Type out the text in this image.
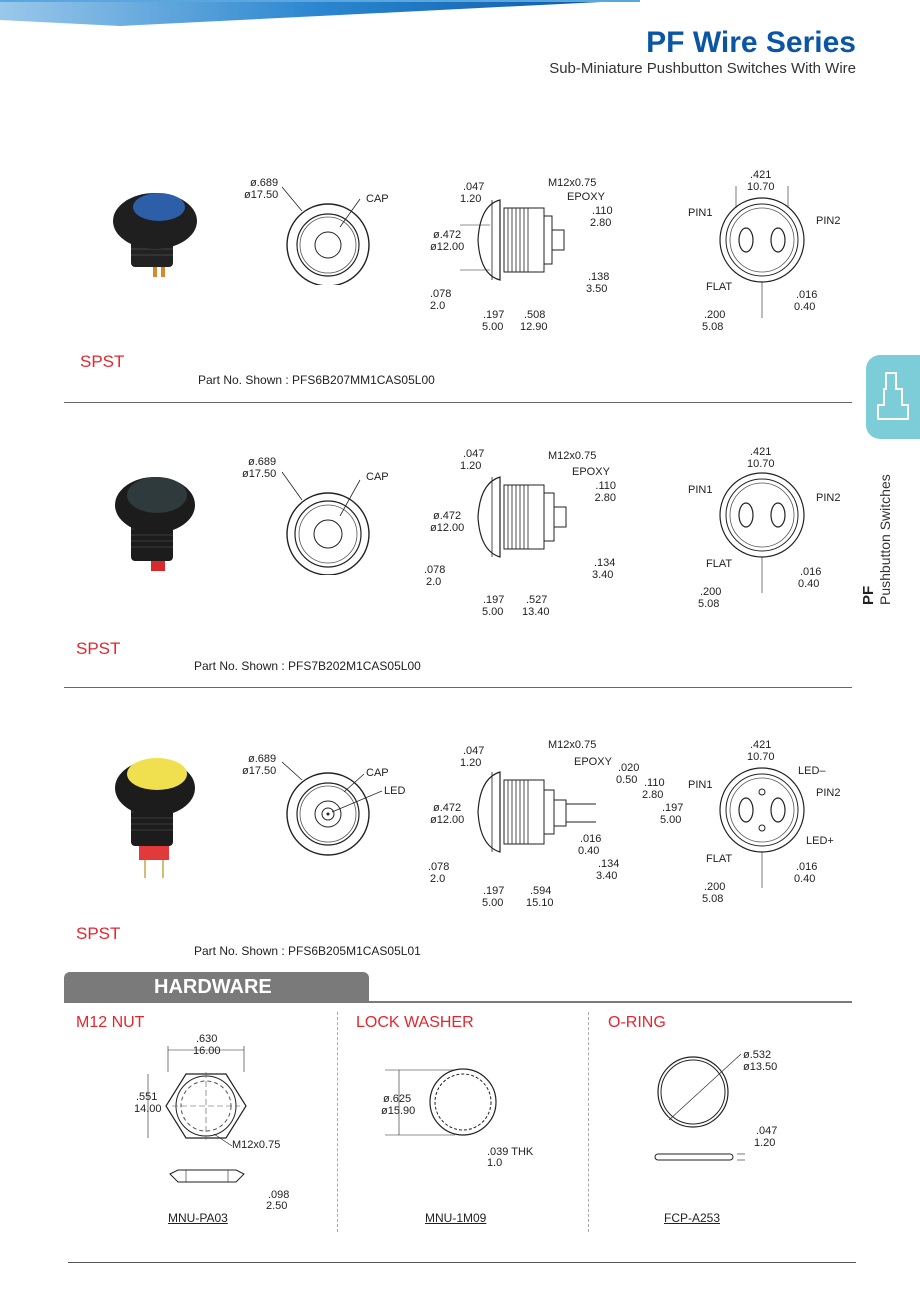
PF Wire Series
Sub-Miniature Pushbutton Switches With Wire
PF
Pushbutton Switches
ø.689
ø17.50	CAP
.047
1.20
M12x0.75
EPOXY
.110
2.80
ø.472
ø12.00
.138
3.50
.078
2.0
.197
5.00
.508
12.90
.421
10.70
PIN1
PIN2
FLAT
.016
0.40
.200
5.08
SPST
Part No. Shown : PFS6B207MM1CAS05L00
ø.689
ø17.50	CAP
.047
1.20
M12x0.75
EPOXY
.110
2.80
ø.472
ø12.00
.134
3.40
.078
2.0
.197
5.00
.527
13.40
.421
10.70
PIN1
PIN2
FLAT
.016
0.40
.200
5.08
SPST
Part No. Shown : PFS7B202M1CAS05L00
ø.689
ø17.50	CAP
LED
.047
1.20
M12x0.75
EPOXY .020
0.50 .110
2.80
.197
5.00
ø.472
ø12.00
.016
0.40
.134
3.40
.078
2.0
.197
5.00
.594
15.10
.421
10.70
LED–
PIN1
PIN2
LED+
FLAT
.016
0.40
.200
5.08
SPST
Part No. Shown : PFS6B205M1CAS05L01
HARDWARE
M12 NUT	LOCK WASHER	O-RING
.630
16.00
.551
14.00
M12x0.75
.098
2.50
MNU-PA03
ø.625
ø15.90
.039 THK
1.0
MNU-1M09
ø.532
ø13.50
.047
1.20
FCP-A253
